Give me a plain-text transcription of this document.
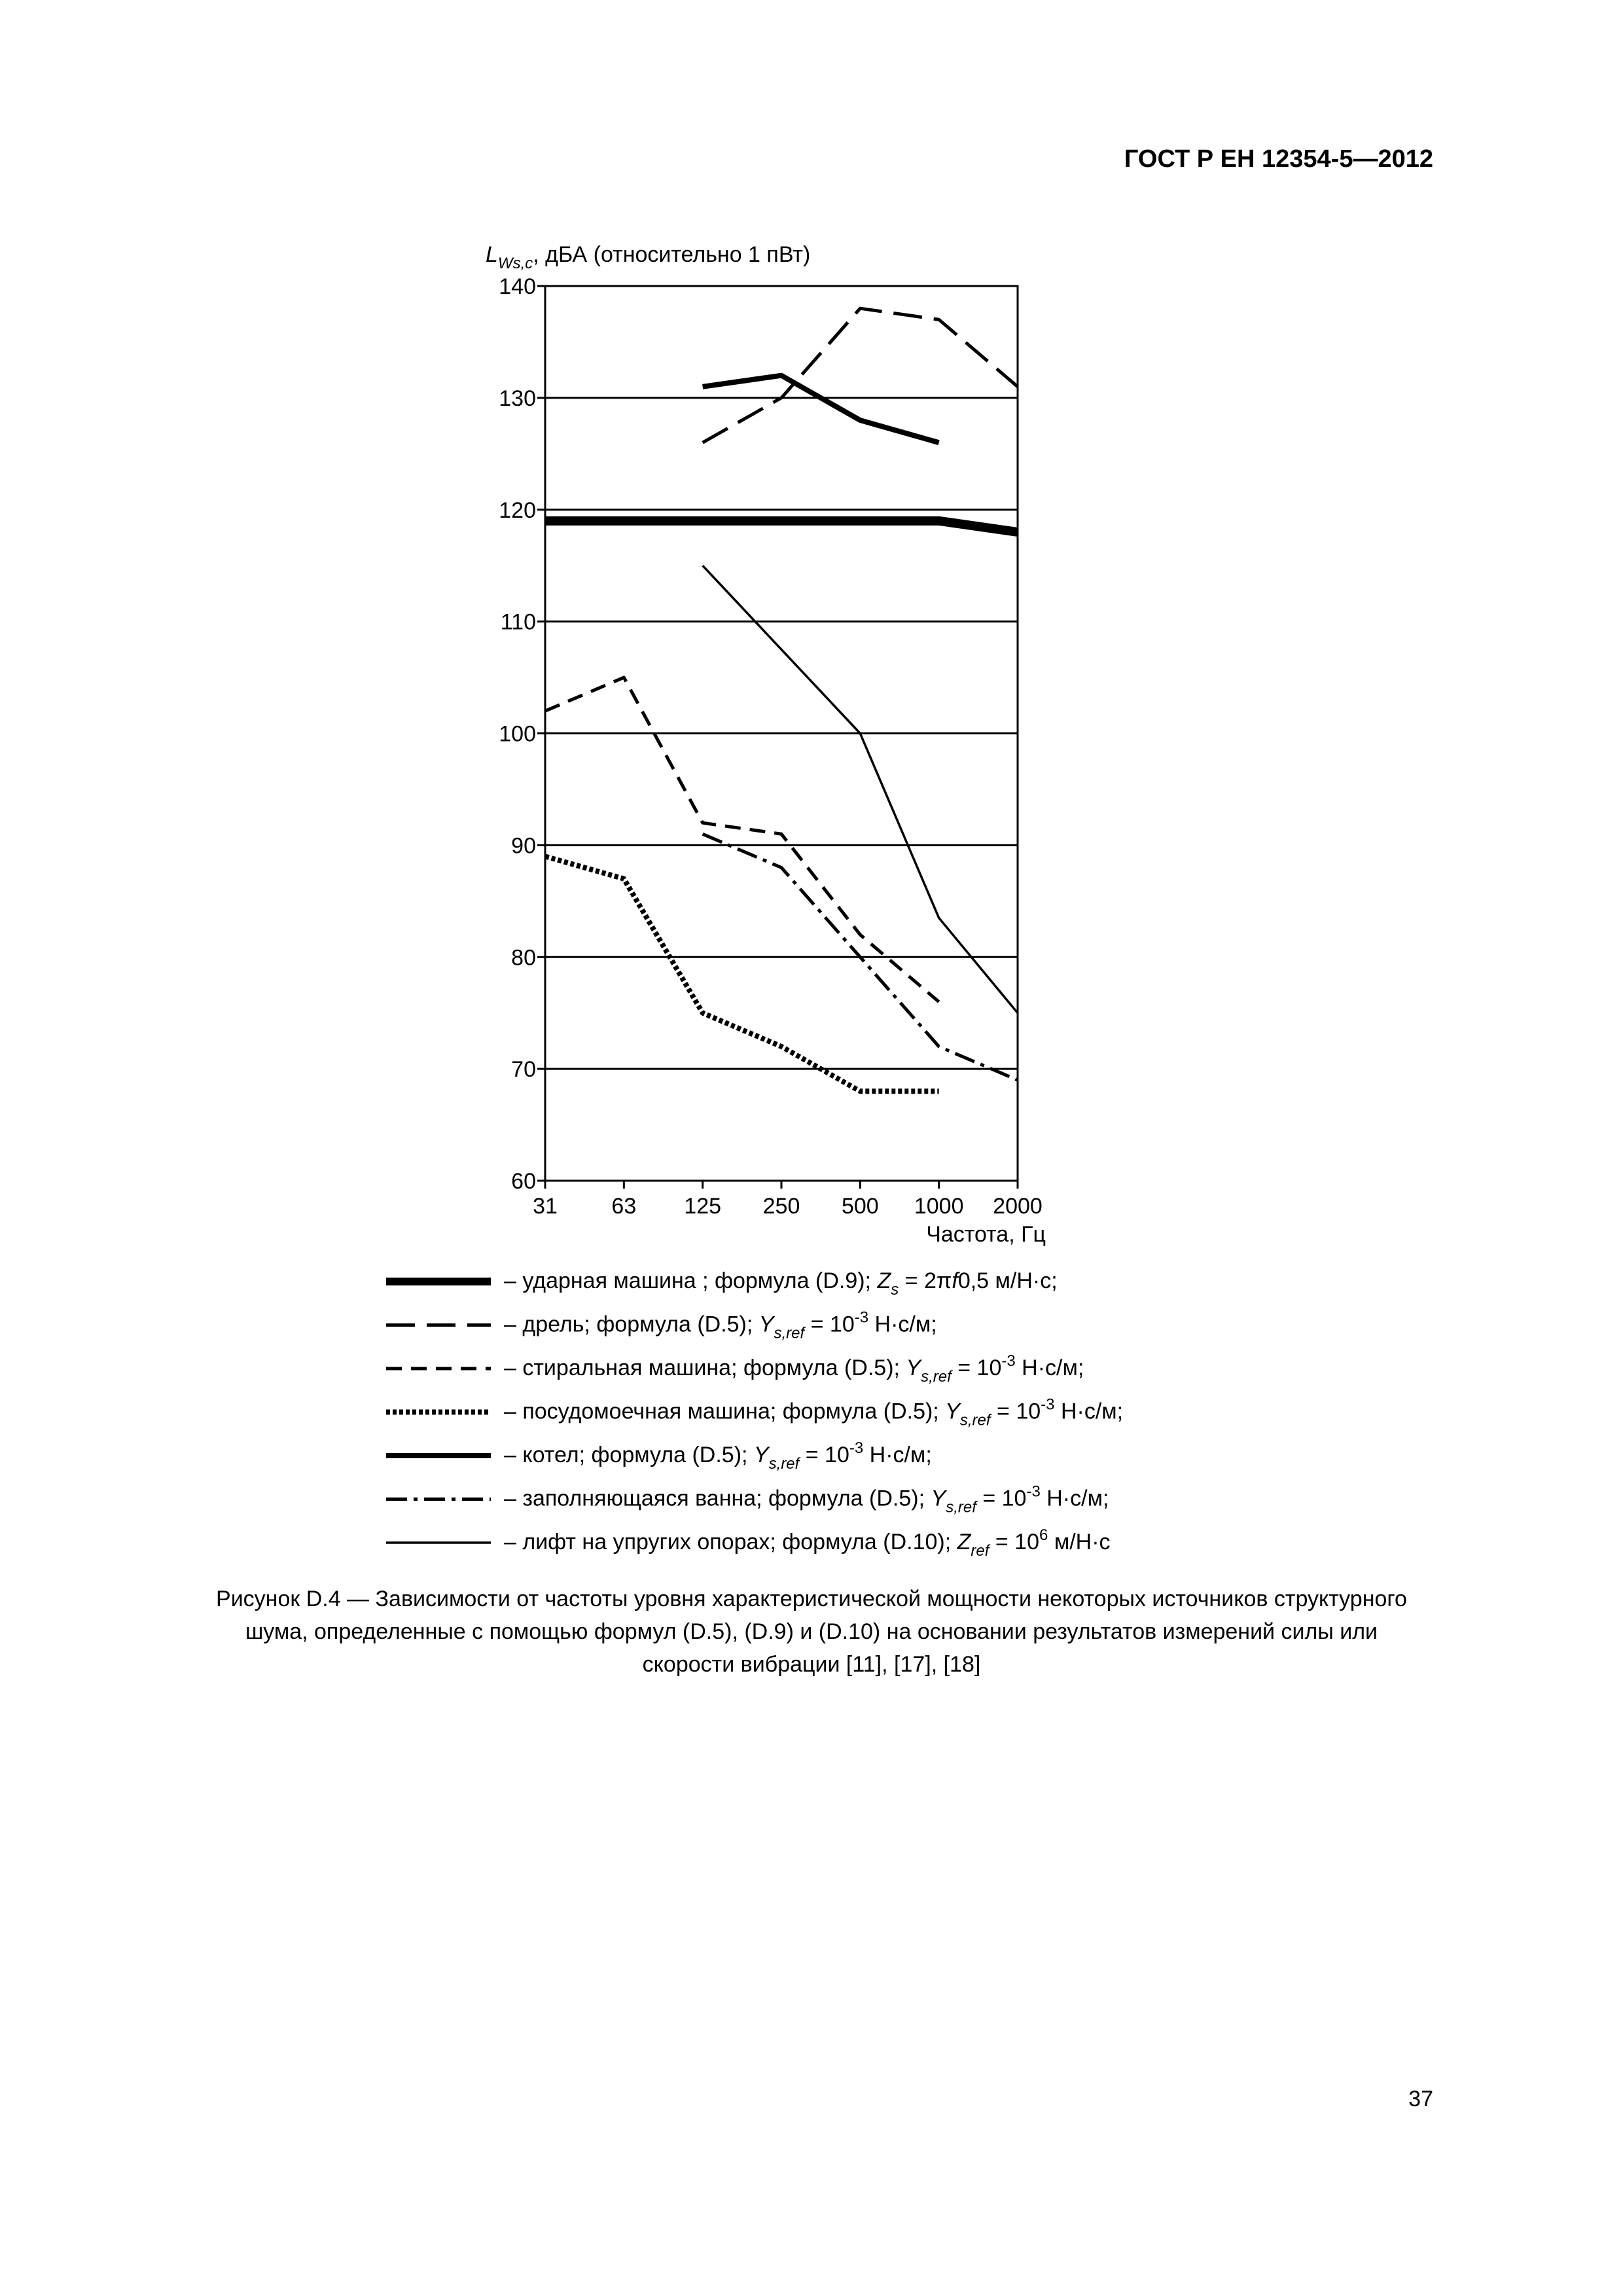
ГОСТ Р ЕН 12354-5—2012
60
70
80
90
100
110
120
130
140
31 63 125 250 500 1000 2000
$L_{Ws,c}$, дБА (относительно 1 пВт)
Частота, Гц
– ударная машина ; формула (D.9); $Z_s = 2\pi f0,5$ м/Н·с;
– дрель; формула (D.5); $Y_{s,ref} = 10^{-3}$ Н·с/м;
– стиральная машина; формула (D.5); $Y_{s,ref} = 10^{-3}$ Н·с/м;
– посудомоечная машина; формула (D.5); $Y_{s,ref} = 10^{-3}$ Н·с/м;
– котел; формула (D.5); $Y_{s,ref} = 10^{-3}$ Н·с/м;
– заполняющаяся ванна; формула (D.5); $Y_{s,ref} = 10^{-3}$ Н·с/м;
– лифт на упругих опорах; формула (D.10); $Z_{ref} = 10^6$ м/Н·с
Рисунок D.4 — Зависимости от частоты уровня характеристической мощности некоторых источников структурного
шума, определенные с помощью формул (D.5), (D.9) и (D.10) на основании результатов измерений силы или
скорости вибрации [11], [17], [18]
37
